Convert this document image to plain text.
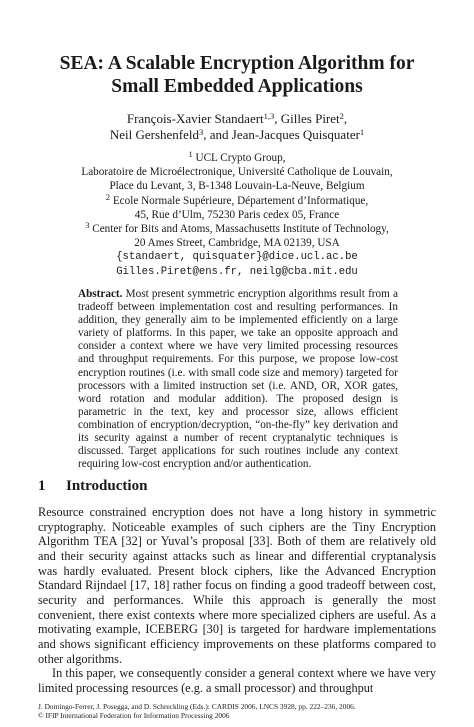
SEA: A Scalable Encryption Algorithm for
Small Embedded Applications
François-Xavier Standaert$^{1,3}$, Gilles Piret$^2$,
Neil Gershenfeld$^3$, and Jean-Jacques Quisquater$^1$
$^1$ UCL Crypto Group,
Laboratoire de Microélectronique, Université Catholique de Louvain,
Place du Levant, 3, B-1348 Louvain-La-Neuve, Belgium
$^2$ Ecole Normale Supérieure, Département d’Informatique,
45, Rue d’Ulm, 75230 Paris cedex 05, France
$^3$ Center for Bits and Atoms, Massachusetts Institute of Technology,
20 Ames Street, Cambridge, MA 02139, USA
{standaert, quisquater}@dice.ucl.ac.be
Gilles.Piret@ens.fr, neilg@cba.mit.edu
Abstract. Most present symmetric encryption algorithms result from a tradeoff between implementation cost and resulting performances. In addition, they generally aim to be implemented efficiently on a large variety of platforms. In this paper, we take an opposite approach and consider a context where we have very limited processing resources and throughput requirements. For this purpose, we propose low-cost encryption routines (i.e. with small code size and memory) targeted for processors with a limited instruction set (i.e. AND, OR, XOR gates, word rotation and modular addition). The proposed design is parametric in the text, key and processor size, allows efficient combination of encryption/decryption, “on-the-fly” key derivation and its security against a number of recent cryptanalytic techniques is discussed. Target applications for such routines include any context requiring low-cost encryption and/or authentication.
1 Introduction

Resource constrained encryption does not have a long history in symmetric cryptography. Noticeable examples of such ciphers are the Tiny Encryption Algorithm TEA [32] or Yuval’s proposal [33]. Both of them are relatively old and their security against attacks such as linear and differential cryptanalysis was hardly evaluated. Present block ciphers, like the Advanced Encryption Standard Rijndael [17, 18] rather focus on finding a good tradeoff between cost, security and performances. While this approach is generally the most convenient, there exist contexts where more specialized ciphers are useful. As a motivating example, ICEBERG [30] is targeted for hardware implementations and shows significant efficiency improvements on these platforms compared to other algorithms.

In this paper, we consequently consider a general context where we have very limited processing resources (e.g. a small processor) and throughput

J. Domingo-Ferrer, J. Posegga, and D. Schreckling (Eds.): CARDIS 2006, LNCS 3928, pp. 222–236, 2006.
© IFIP International Federation for Information Processing 2006
